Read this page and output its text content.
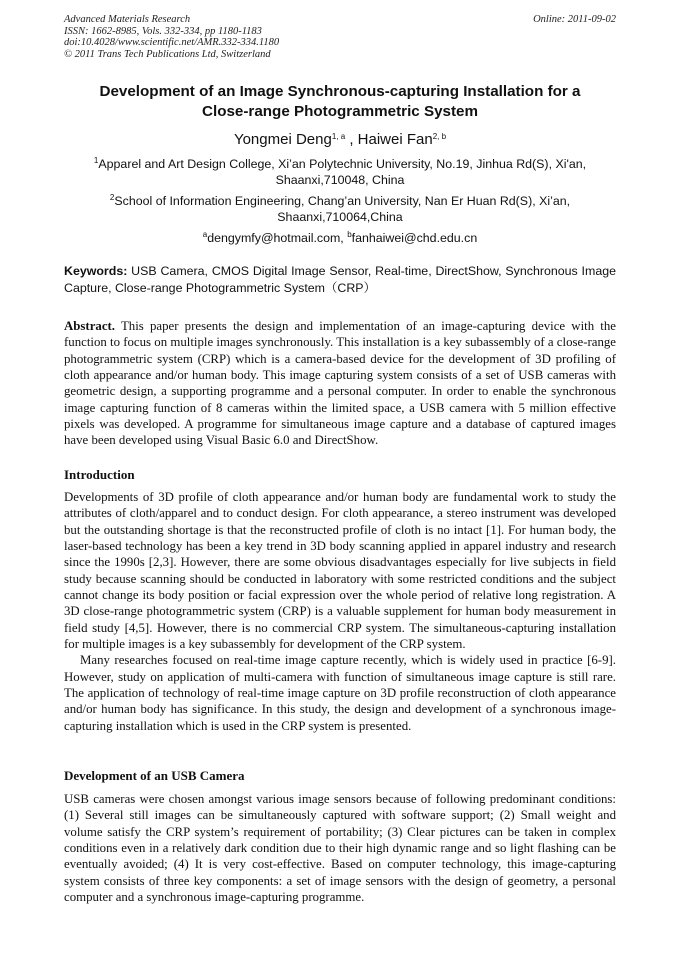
Advanced Materials Research
ISSN: 1662-8985, Vols. 332-334, pp 1180-1183
doi:10.4028/www.scientific.net/AMR.332-334.1180
© 2011 Trans Tech Publications Ltd, Switzerland
Online: 2011-09-02
Development of an Image Synchronous-capturing Installation for a
Close-range Photogrammetric System
Yongmei Deng$^{1, a}$ , Haiwei Fan$^{2, b}$
$^1$Apparel and Art Design College, Xi’an Polytechnic University, No.19, Jinhua Rd(S), Xi'an,
Shaanxi,710048, China
$^2$School of Information Engineering, Chang’an University, Nan Er Huan Rd(S), Xi’an,
Shaanxi,710064,China
$^a$dengymfy@hotmail.com, $^b$fanhaiwei@chd.edu.cn
Keywords: USB Camera, CMOS Digital Image Sensor, Real-time, DirectShow, Synchronous Image Capture, Close-range Photogrammetric System（CRP）

Abstract. This paper presents the design and implementation of an image-capturing device with the function to focus on multiple images synchronously. This installation is a key subassembly of a close-range photogrammetric system (CRP) which is a camera-based device for the development of 3D profiling of cloth appearance and/or human body. This image capturing system consists of a set of USB cameras with geometric design, a supporting programme and a personal computer. In order to enable the synchronous image capturing function of 8 cameras within the limited space, a USB camera with 5 million effective pixels was developed. A programme for simultaneous image capture and a database of captured images have been developed using Visual Basic 6.0 and DirectShow.

Introduction

Developments of 3D profile of cloth appearance and/or human body are fundamental work to study the attributes of cloth/apparel and to conduct design. For cloth appearance, a stereo instrument was developed but the outstanding shortage is that the reconstructed profile of cloth is no intact [1]. For human body, the laser-based technology has been a key trend in 3D body scanning applied in apparel industry and research since the 1990s [2,3]. However, there are some obvious disadvantages especially for live subjects in field study because scanning should be conducted in laboratory with some restricted conditions and the subject cannot change its body position or facial expression over the whole period of relative long registration. A 3D close-range photogrammetric system (CRP) is a valuable supplement for human body measurement in field study [4,5]. However, there is no commercial CRP system. The simultaneous-capturing installation for multiple images is a key subassembly for development of the CRP system.

Many researches focused on real-time image capture recently, which is widely used in practice [6-9]. However, study on application of multi-camera with function of simultaneous image capture is still rare. The application of technology of real-time image capture on 3D profile reconstruction of cloth appearance and/or human body has significance. In this study, the design and development of a synchronous image-capturing installation which is used in the CRP system is presented.

Development of an USB Camera

USB cameras were chosen amongst various image sensors because of following predominant conditions: (1) Several still images can be simultaneously captured with software support; (2) Small weight and volume satisfy the CRP system’s requirement of portability; (3) Clear pictures can be taken in complex conditions even in a relatively dark condition due to their high dynamic range and so light flashing can be eventually avoided; (4) It is very cost-effective. Based on computer technology, this image-capturing system consists of three key components: a set of image sensors with the design of geometry, a personal computer and a synchronous image-capturing programme.
